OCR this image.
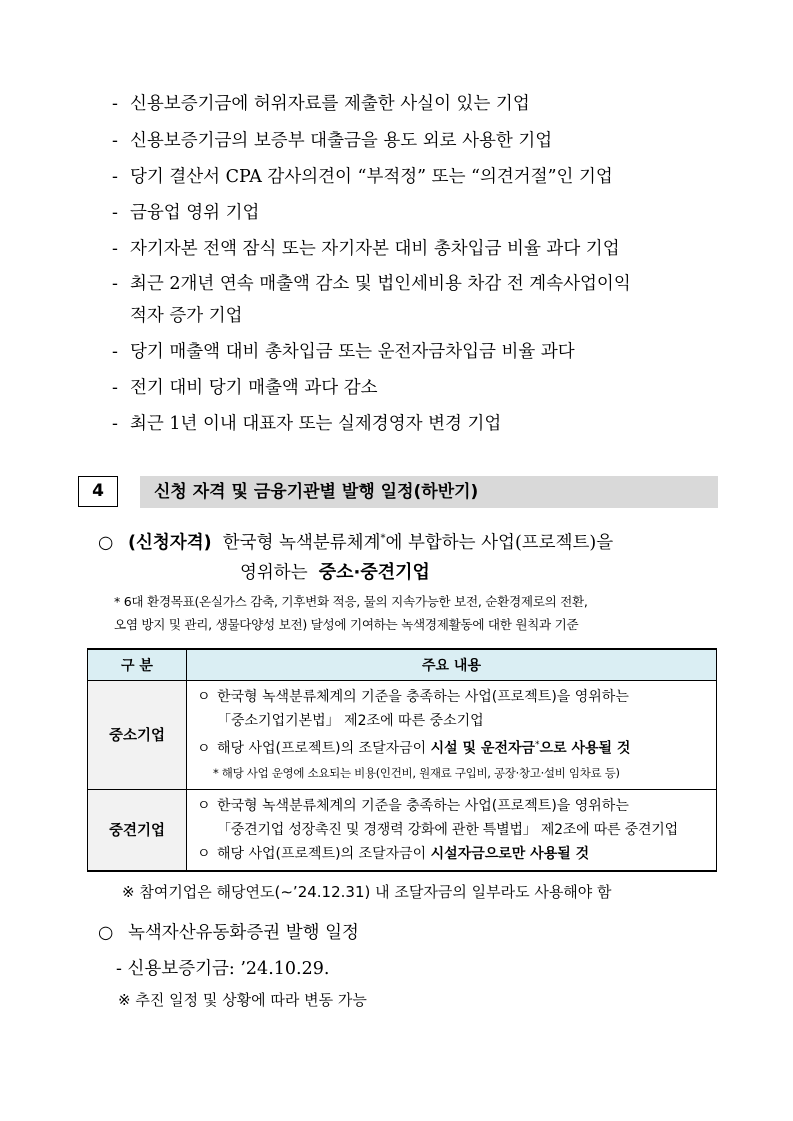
- 신용보증기금에 허위자료를 제출한 사실이 있는 기업
- 신용보증기금의 보증부 대출금을 용도 외로 사용한 기업
- 당기 결산서 CPA 감사의견이 “부적정” 또는 “의견거절”인 기업
- 금융업 영위 기업
- 자기자본 전액 잠식 또는 자기자본 대비 총차입금 비율 과다 기업
- 최근 2개년 연속 매출액 감소 및 법인세비용 차감 전 계속사업이익
적자 증가 기업
- 당기 매출액 대비 총차입금 또는 운전자금차입금 비율 과다
- 전기 대비 당기 매출액 과다 감소
- 최근 1년 이내 대표자 또는 실제경영자 변경 기업
4	신청 자격 및 금융기관별 발행 일정(하반기)
○ (신청자격) 한국형 녹색분류체계*에 부합하는 사업(프로젝트)을
영위하는 중소·중견기업
* 6대 환경목표(온실가스 감축, 기후변화 적응, 물의 지속가능한 보전, 순환경제로의 전환,
오염 방지 및 관리, 생물다양성 보전) 달성에 기여하는 녹색경제활동에 대한 원칙과 기준
구 분	주요 내용
중소기업	ㅇ 한국형 녹색분류체계의 기준을 충족하는 사업(프로젝트)을 영위하는
「중소기업기본법」 제2조에 따른 중소기업
ㅇ 해당 사업(프로젝트)의 조달자금이 시설 및 운전자금*으로 사용될 것
* 해당 사업 운영에 소요되는 비용(인건비, 원재료 구입비, 공장·창고·설비 임차료 등)

중견기업	ㅇ 한국형 녹색분류체계의 기준을 충족하는 사업(프로젝트)을 영위하는
「중견기업 성장촉진 및 경쟁력 강화에 관한 특별법」 제2조에 따른 중견기업
ㅇ 해당 사업(프로젝트)의 조달자금이 시설자금으로만 사용될 것
※ 참여기업은 해당연도(∼’24.12.31) 내 조달자금의 일부라도 사용해야 함
○ 녹색자산유동화증권 발행 일정
- 신용보증기금: ’24.10.29.
※ 추진 일정 및 상황에 따라 변동 가능
